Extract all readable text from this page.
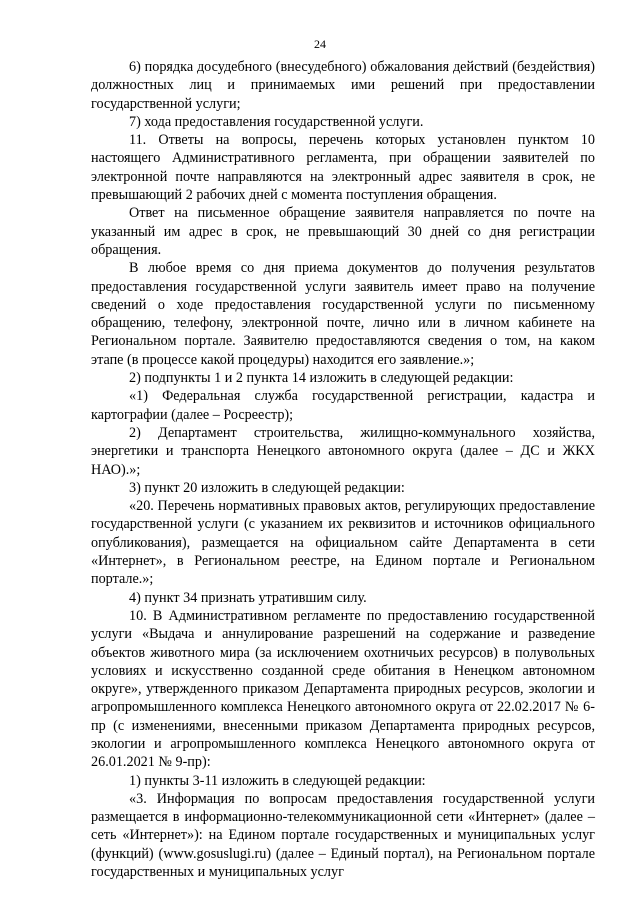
24

6) порядка досудебного (внесудебного) обжалования действий (бездействия) должностных лиц и принимаемых ими решений при предоставлении государственной услуги;

7) хода предоставления государственной услуги.

11. Ответы на вопросы, перечень которых установлен пунктом 10 настоящего Административного регламента, при обращении заявителей по электронной почте направляются на электронный адрес заявителя в срок, не превышающий 2 рабочих дней с момента поступления обращения.

Ответ на письменное обращение заявителя направляется по почте на указанный им адрес в срок, не превышающий 30 дней со дня регистрации обращения.

В любое время со дня приема документов до получения результатов предоставления государственной услуги заявитель имеет право на получение сведений о ходе предоставления государственной услуги по письменному обращению, телефону, электронной почте, лично или в личном кабинете на Региональном портале. Заявителю предоставляются сведения о том, на каком этапе (в процессе какой процедуры) находится его заявление.»;

2) подпункты 1 и 2 пункта 14 изложить в следующей редакции:

«1) Федеральная служба государственной регистрации, кадастра и картографии (далее – Росреестр);

2) Департамент строительства, жилищно-коммунального хозяйства, энергетики и транспорта Ненецкого автономного округа (далее – ДС и ЖКХ НАО).»;

3) пункт 20 изложить в следующей редакции:

«20. Перечень нормативных правовых актов, регулирующих предоставление государственной услуги (с указанием их реквизитов и источников официального опубликования), размещается на официальном сайте Департамента в сети «Интернет», в Региональном реестре, на Едином портале и Региональном портале.»;

4) пункт 34 признать утратившим силу.

10. В Административном регламенте по предоставлению государственной услуги «Выдача и аннулирование разрешений на содержание и разведение объектов животного мира (за исключением охотничьих ресурсов) в полувольных условиях и искусственно созданной среде обитания в Ненецком автономном округе», утвержденного приказом Департамента природных ресурсов, экологии и агропромышленного комплекса Ненецкого автономного округа от 22.02.2017 № 6-пр (с изменениями, внесенными приказом Департамента природных ресурсов, экологии и агропромышленного комплекса Ненецкого автономного округа от 26.01.2021 № 9-пр):

1) пункты 3-11 изложить в следующей редакции:

«3. Информация по вопросам предоставления государственной услуги размещается в информационно-телекоммуникационной сети «Интернет» (далее – сеть «Интернет»): на Едином портале государственных и муниципальных услуг (функций) (www.gosuslugi.ru) (далее – Единый портал), на Региональном портале государственных и муниципальных услуг
